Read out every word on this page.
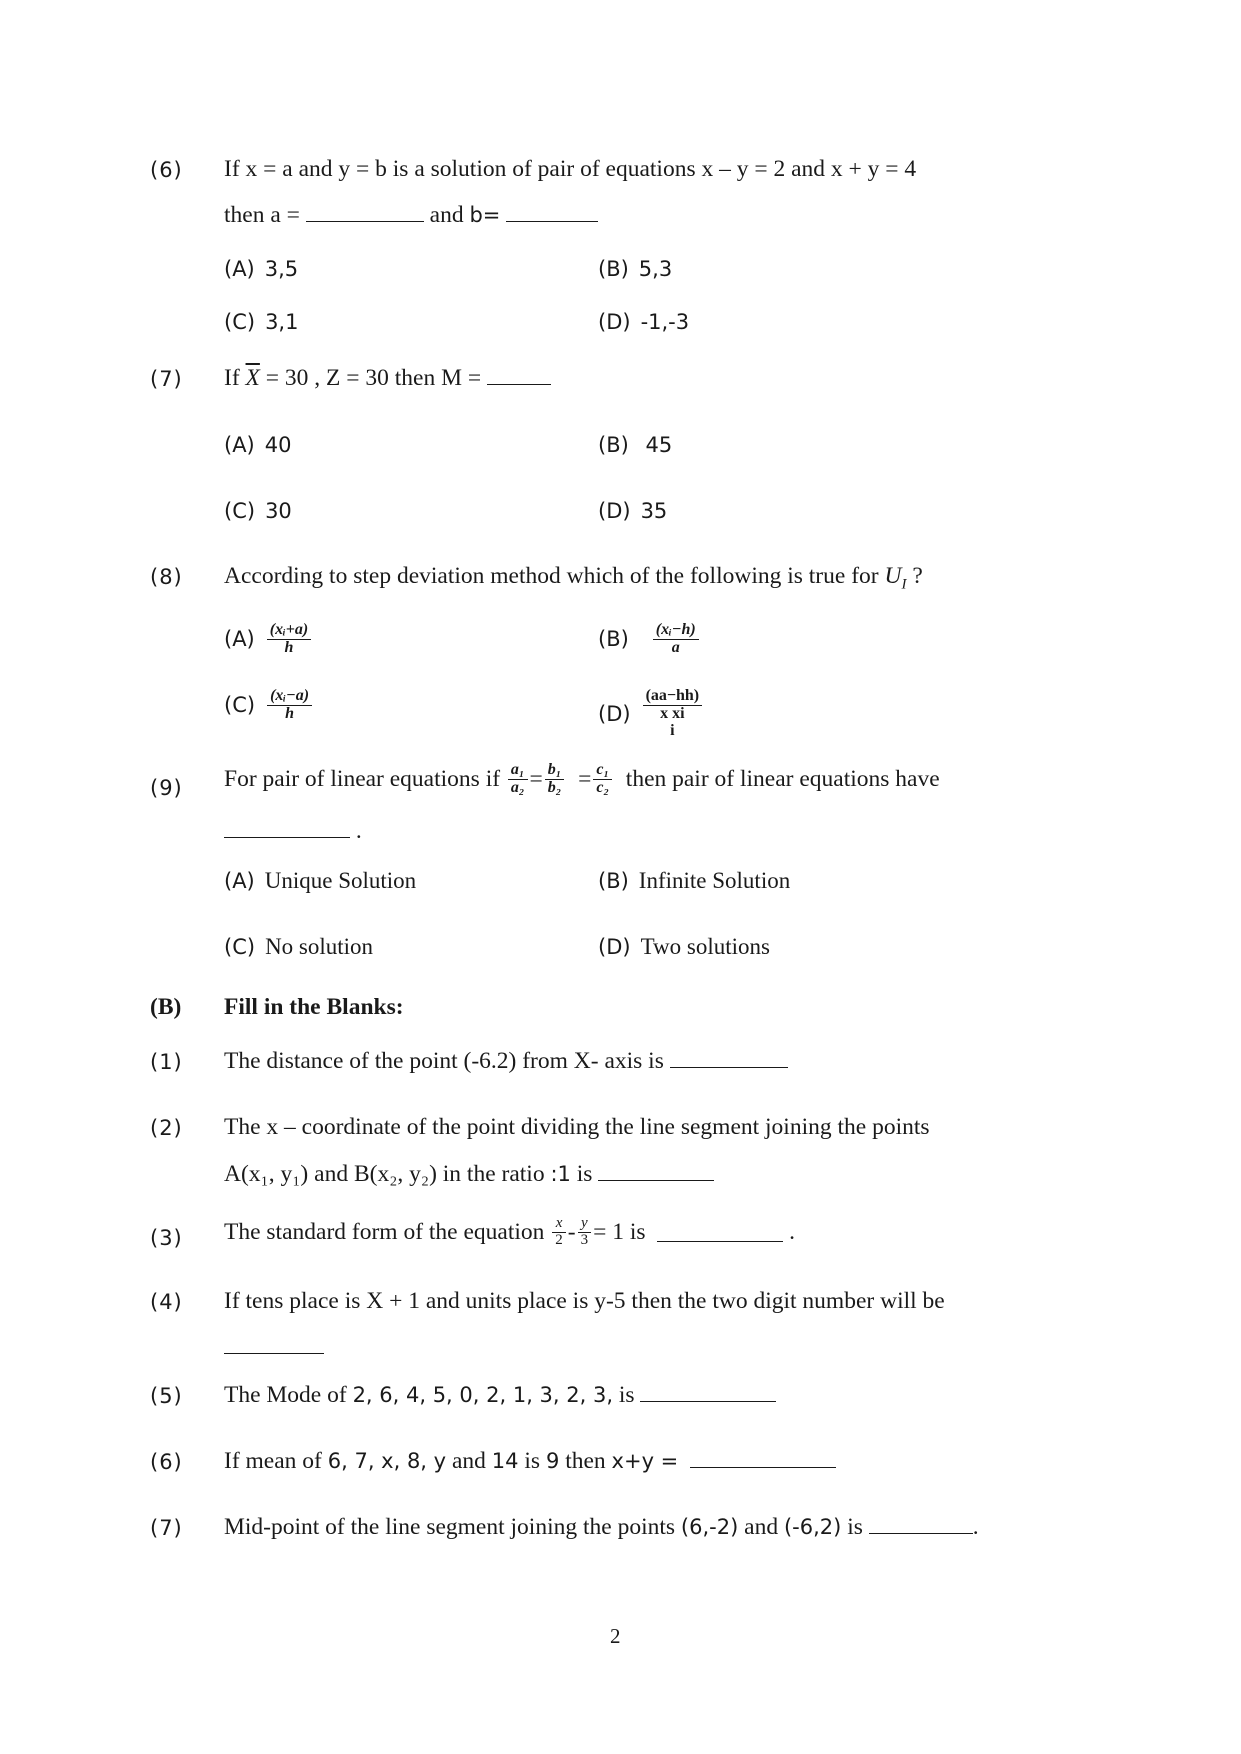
(6) If x = a and y = b is a solution of pair of equations x – y = 2 and x + y = 4
then a =	and b=
(A) 3,5	(B) 5,3
(C) 3,1	(D) -1,-3
(7) If $\overline{X} = 30$ , Z = 30 then M =
(A) 40	(B) 45
(C) 30	(D) 35
(8) According to step deviation method which of the following is true for $U_I$ ?
$(A) \frac{\text{(xᵢ+a)}}{h}$	$(B) \frac{\text{(xᵢ−h)}}{a}$
$(C) \frac{\text{(xᵢ−a)}}{h}$	(D)
(aa−hh)
x xi
i
(9) For pair of linear equations if $\frac{\text{a₁}}{\text{a₂}} = \frac{\text{b₁}}{\text{b₂}} = \frac{\text{c₁}}{\text{c₂}}$ then pair of linear equations have
.
(A) Unique Solution	(B) Infinite Solution
(C) No solution	(D) Two solutions
(B) Fill in the Blanks:
(1) The distance of the point (-6.2) from X- axis is
(2) The x – coordinate of the point dividing the line segment joining the points
A(x₁, y₁) and B(x₂, y₂) in the ratio :1 is
(3) The standard form of the equation $\frac{x}{2} - \frac{y}{3} = 1$ is	.
(4) If tens place is X + 1 and units place is y-5 then the two digit number will be
(5) The Mode of 2, 6, 4, 5, 0, 2, 1, 3, 2, 3, is
(6) If mean of 6, 7, x, 8, y and 14 is 9 then x+y =
(7) Mid-point of the line segment joining the points (6,-2) and (-6,2) is	.
2
